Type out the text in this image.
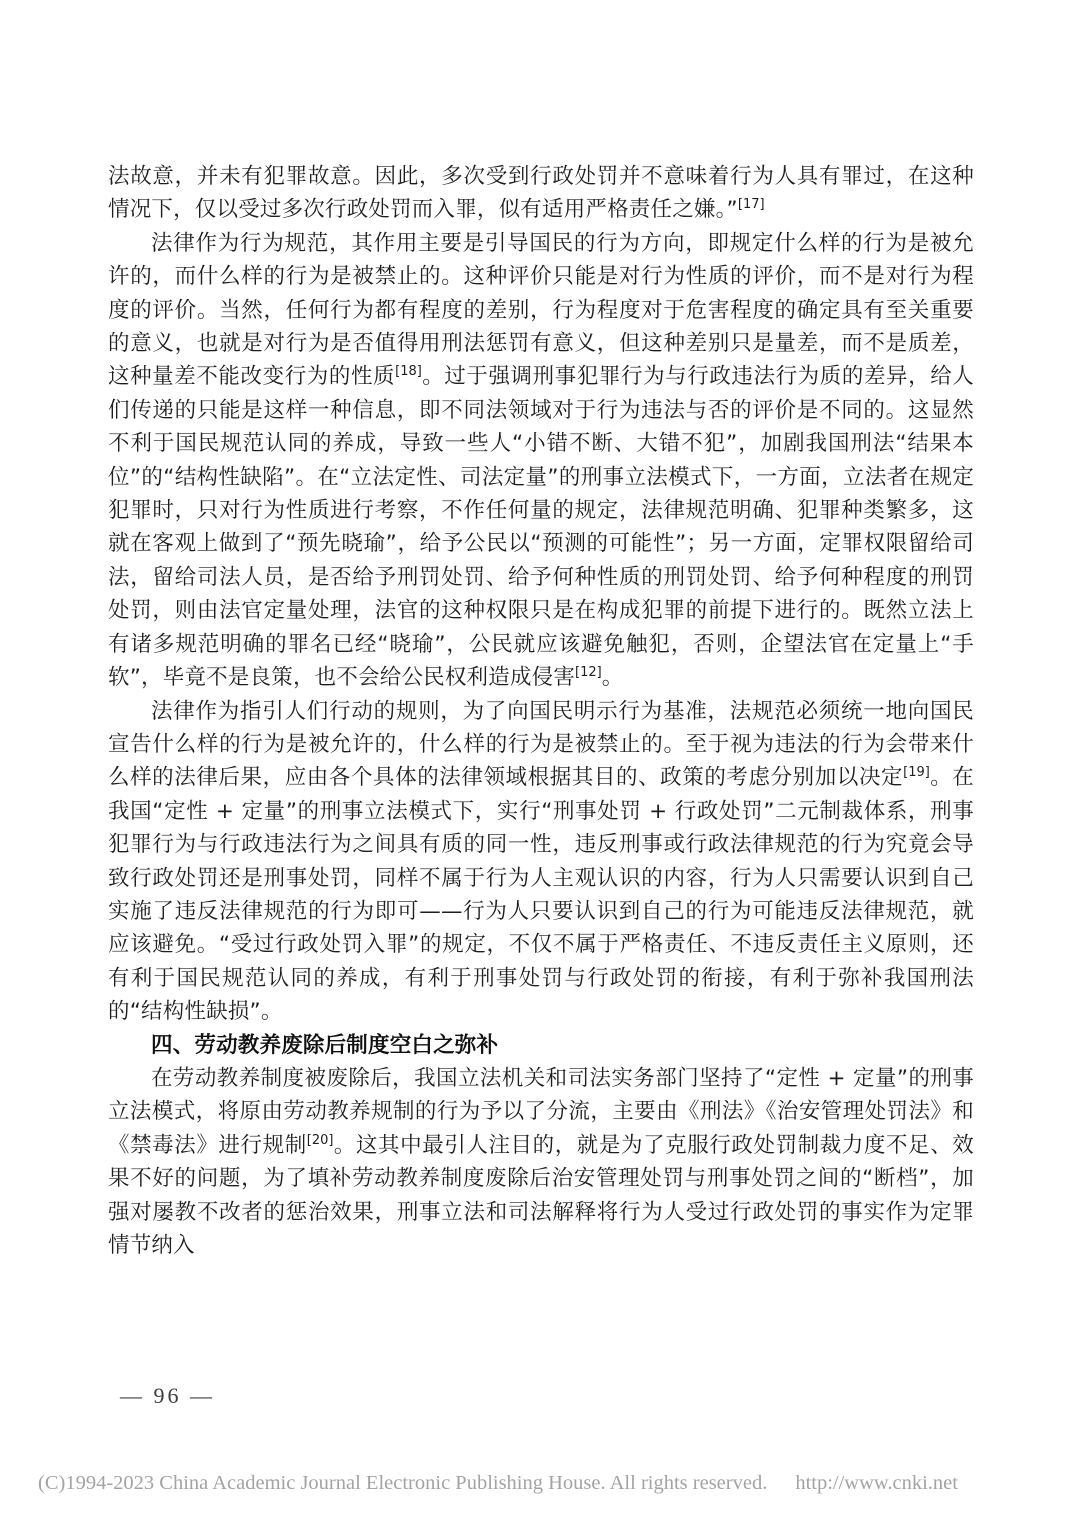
法故意，并未有犯罪故意。因此，多次受到行政处罚并不意味着行为人具有罪过，在这种情况下，仅以受过多次行政处罚而入罪，似有适用严格责任之嫌。”[17]

法律作为行为规范，其作用主要是引导国民的行为方向，即规定什么样的行为是被允许的，而什么样的行为是被禁止的。这种评价只能是对行为性质的评价，而不是对行为程度的评价。当然，任何行为都有程度的差别，行为程度对于危害程度的确定具有至关重要的意义，也就是对行为是否值得用刑法惩罚有意义，但这种差别只是量差，而不是质差，这种量差不能改变行为的性质[18]。过于强调刑事犯罪行为与行政违法行为质的差异，给人们传递的只能是这样一种信息，即不同法领域对于行为违法与否的评价是不同的。这显然不利于国民规范认同的养成，导致一些人“小错不断、大错不犯”，加剧我国刑法“结果本位”的“结构性缺陷”。在“立法定性、司法定量”的刑事立法模式下，一方面，立法者在规定犯罪时，只对行为性质进行考察，不作任何量的规定，法律规范明确、犯罪种类繁多，这就在客观上做到了“预先晓瑜”，给予公民以“预测的可能性”；另一方面，定罪权限留给司法，留给司法人员，是否给予刑罚处罚、给予何种性质的刑罚处罚、给予何种程度的刑罚处罚，则由法官定量处理，法官的这种权限只是在构成犯罪的前提下进行的。既然立法上有诸多规范明确的罪名已经“晓瑜”，公民就应该避免触犯，否则，企望法官在定量上“手软”，毕竟不是良策，也不会给公民权利造成侵害[12]。

法律作为指引人们行动的规则，为了向国民明示行为基准，法规范必须统一地向国民宣告什么样的行为是被允许的，什么样的行为是被禁止的。至于视为违法的行为会带来什么样的法律后果，应由各个具体的法律领域根据其目的、政策的考虑分别加以决定[19]。在我国“定性 + 定量”的刑事立法模式下，实行“刑事处罚 + 行政处罚”二元制裁体系，刑事犯罪行为与行政违法行为之间具有质的同一性，违反刑事或行政法律规范的行为究竟会导致行政处罚还是刑事处罚，同样不属于行为人主观认识的内容，行为人只需要认识到自己实施了违反法律规范的行为即可——行为人只要认识到自己的行为可能违反法律规范，就应该避免。“受过行政处罚入罪”的规定，不仅不属于严格责任、不违反责任主义原则，还有利于国民规范认同的养成，有利于刑事处罚与行政处罚的衔接，有利于弥补我国刑法的“结构性缺损”。

四、劳动教养废除后制度空白之弥补

在劳动教养制度被废除后，我国立法机关和司法实务部门坚持了“定性 + 定量”的刑事立法模式，将原由劳动教养规制的行为予以了分流，主要由《刑法》《治安管理处罚法》和《禁毒法》进行规制[20]。这其中最引人注目的，就是为了克服行政处罚制裁力度不足、效果不好的问题，为了填补劳动教养制度废除后治安管理处罚与刑事处罚之间的“断档”，加强对屡教不改者的惩治效果，刑事立法和司法解释将行为人受过行政处罚的事实作为定罪情节纳入

— 96 —
(C)1994-2023 China Academic Journal Electronic Publishing House. All rights reserved. http://www.cnki.net
